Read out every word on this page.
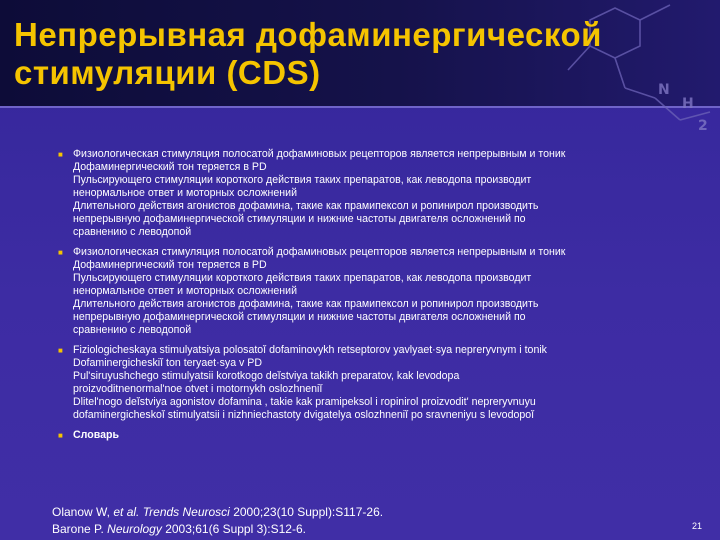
N
H
2
Непрерывная дофаминергической
стимуляции (CDS)
■ Физиологическая стимуляция полосатой дофаминовых рецепторов является непрерывным и тоник
Дофаминергический тон теряется в PD
Пульсирующего стимуляции короткого действия таких препаратов, как леводопа производит
ненормальное ответ и моторных осложнений
Длительного действия агонистов дофамина, такие как прамипексол и ропинирол производить
непрерывную дофаминергической стимуляции и нижние частоты двигателя осложнений по
сравнению с леводопой
■ Физиологическая стимуляция полосатой дофаминовых рецепторов является непрерывным и тоник
Дофаминергический тон теряется в PD
Пульсирующего стимуляции короткого действия таких препаратов, как леводопа производит
ненормальное ответ и моторных осложнений
Длительного действия агонистов дофамина, такие как прамипексол и ропинирол производить
непрерывную дофаминергической стимуляции и нижние частоты двигателя осложнений по
сравнению с леводопой
■ Fiziologicheskaya stimulyatsiya polosatoĭ dofaminovykh retseptorov yavlyaet·sya nepreryvnym i tonik
Dofaminergicheskiĭ ton teryaet·sya v PD
Pul'siruyushchego stimulyatsii korotkogo deĭstviya takikh preparatov, kak levodopa
proizvoditnenormal'noe otvet i motornykh oslozhneniĭ
Dlitel'nogo deĭstviya agonistov dofamina , takie kak pramipeksol i ropinirol proizvodit' nepreryvnuyu
dofaminergicheskoĭ stimulyatsii i nizhniechastoty dvigatelya oslozhneniĭ po sravneniyu s levodopoĭ
■ Словарь
Olanow W, et al. Trends Neurosci 2000;23(10 Suppl):S117-26.
Barone P. Neurology 2003;61(6 Suppl 3):S12-6.	21
